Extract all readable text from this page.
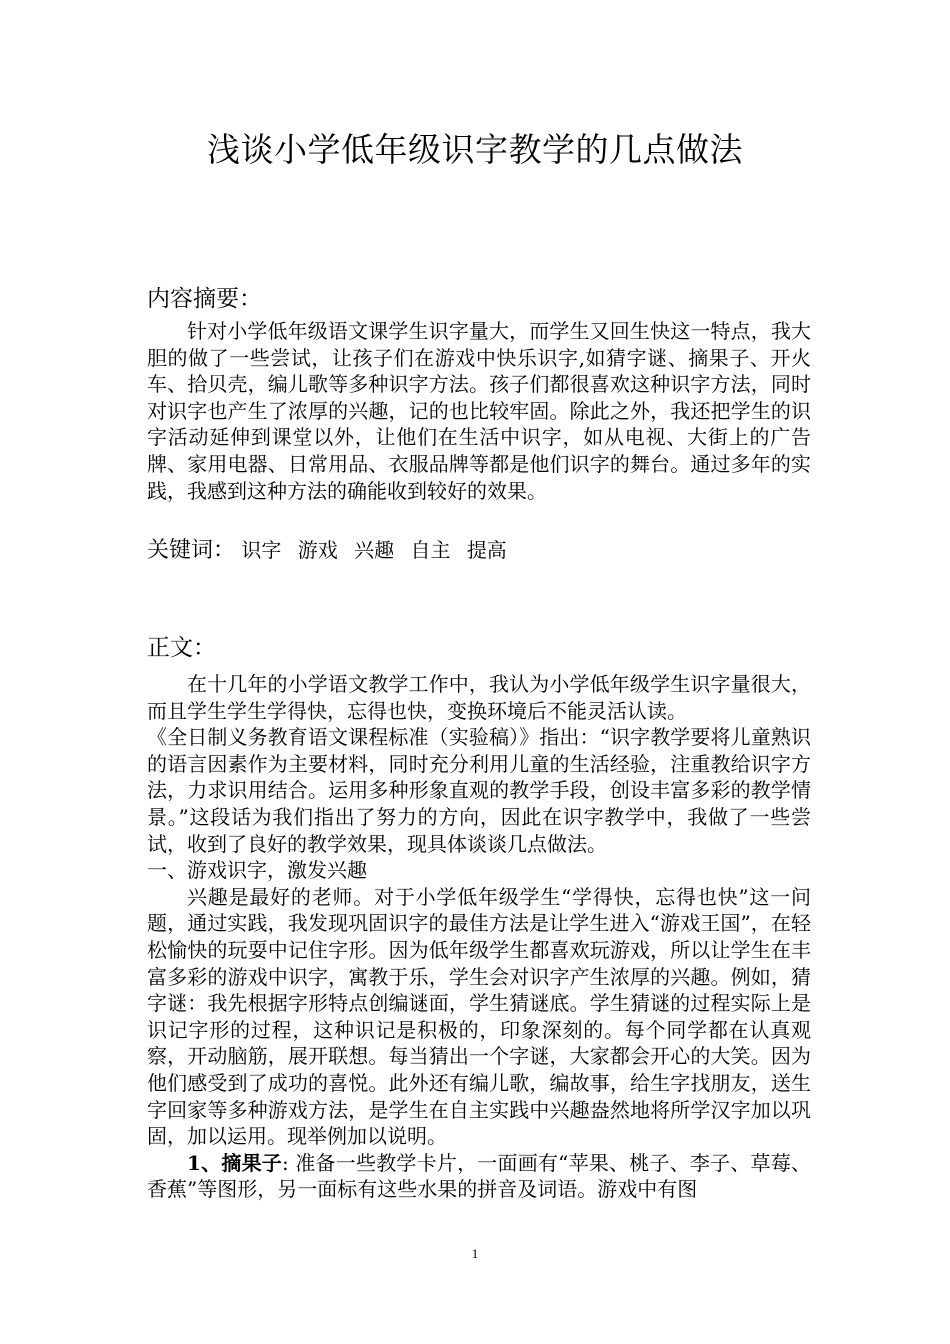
浅谈小学低年级识字教学的几点做法
内容摘要：

针对小学低年级语文课学生识字量大，而学生又回生快这一特点，我大胆的做了一些尝试，让孩子们在游戏中快乐识字,如猜字谜、摘果子、开火车、拾贝壳，编儿歌等多种识字方法。孩子们都很喜欢这种识字方法，同时对识字也产生了浓厚的兴趣，记的也比较牢固。除此之外，我还把学生的识字活动延伸到课堂以外，让他们在生活中识字，如从电视、大街上的广告牌、家用电器、日常用品、衣服品牌等都是他们识字的舞台。通过多年的实践，我感到这种方法的确能收到较好的效果。

关键词： 识字 游戏 兴趣 自主 提高
正文：

在十几年的小学语文教学工作中，我认为小学低年级学生识字量很大，而且学生学生学得快，忘得也快，变换环境后不能灵活认读。

《全日制义务教育语文课程标准（实验稿）》指出：“识字教学要将儿童熟识的语言因素作为主要材料，同时充分利用儿童的生活经验，注重教给识字方法，力求识用结合。运用多种形象直观的教学手段，创设丰富多彩的教学情景。”这段话为我们指出了努力的方向，因此在识字教学中，我做了一些尝试，收到了良好的教学效果，现具体谈谈几点做法。

一、游戏识字，激发兴趣

兴趣是最好的老师。对于小学低年级学生“学得快，忘得也快”这一问题，通过实践，我发现巩固识字的最佳方法是让学生进入“游戏王国”，在轻松愉快的玩耍中记住字形。因为低年级学生都喜欢玩游戏，所以让学生在丰富多彩的游戏中识字，寓教于乐，学生会对识字产生浓厚的兴趣。例如，猜字谜：我先根据字形特点创编谜面，学生猜谜底。学生猜谜的过程实际上是识记字形的过程，这种识记是积极的，印象深刻的。每个同学都在认真观察，开动脑筋，展开联想。每当猜出一个字谜，大家都会开心的大笑。因为他们感受到了成功的喜悦。此外还有编儿歌，编故事，给生字找朋友，送生字回家等多种游戏方法，是学生在自主实践中兴趣盎然地将所学汉字加以巩固，加以运用。现举例加以说明。

1、摘果子: 准备一些教学卡片，一面画有“苹果、桃子、李子、草莓、香蕉”等图形，另一面标有这些水果的拼音及词语。游戏中有图

1
